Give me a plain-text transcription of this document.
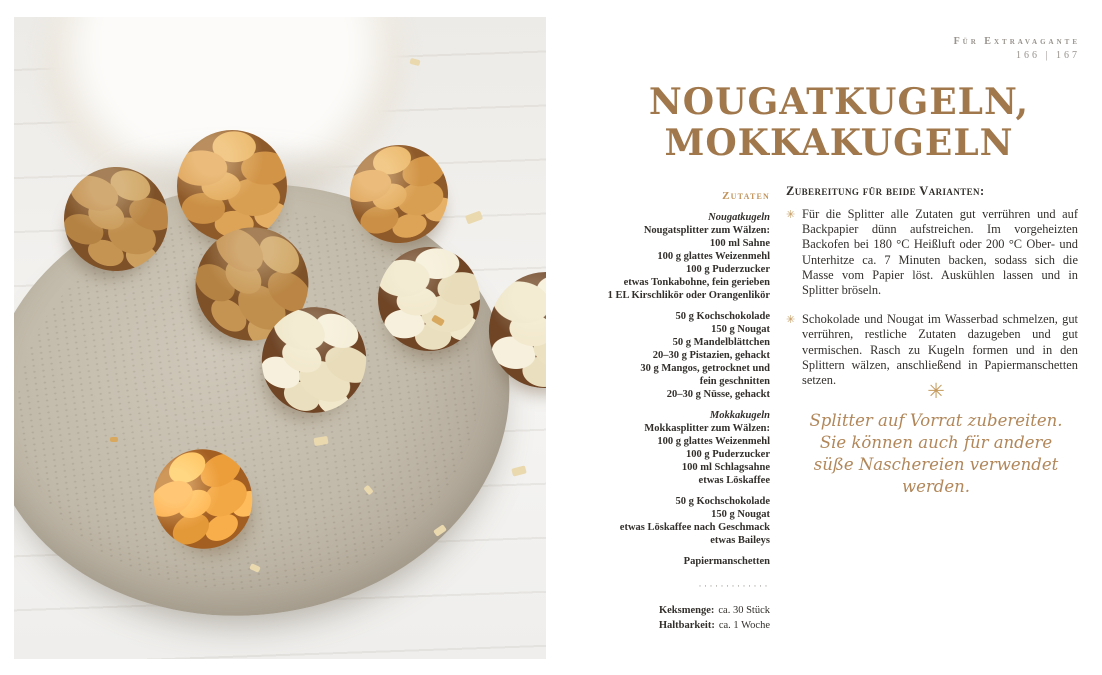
Für Extravagante
166 | 167
NOUGATKUGELN,
MOKKAKUGELN
Zutaten
Nougatkugeln
Nougatsplitter zum Wälzen:
100 ml Sahne
100 g glattes Weizenmehl
100 g Puderzucker
etwas Tonkabohne, fein gerieben
1 EL Kirschlikör oder Orangenlikör
50 g Kochschokolade
150 g Nougat
50 g Mandelblättchen
20–30 g Pistazien, gehackt
30 g Mangos, getrocknet und
fein geschnitten
20–30 g Nüsse, gehackt
Mokkakugeln
Mokkasplitter zum Wälzen:
100 g glattes Weizenmehl
100 g Puderzucker
100 ml Schlagsahne
etwas Löskaffee
50 g Kochschokolade
150 g Nougat
etwas Löskaffee nach Geschmack
etwas Baileys
Papiermanschetten
·············
Keksmenge: ca. 30 Stück
Haltbarkeit: ca. 1 Woche
Zubereitung für beide Varianten:
✳ Für die Splitter alle Zutaten gut verrühren und auf Backpapier dünn aufstreichen. Im vorgeheizten Backofen bei 180 °C Heißluft oder 200 °C Ober- und Unterhitze ca. 7 Minuten backen, sodass sich die Masse vom Papier löst. Auskühlen lassen und in Splitter bröseln.
✳ Schokolade und Nougat im Wasserbad schmelzen, gut verrühren, restliche Zutaten dazugeben und gut vermischen. Rasch zu Kugeln formen und in den Splittern wälzen, anschließend in Papiermanschetten setzen.	✳
Splitter auf Vorrat zubereiten. Sie können auch für andere süße Naschereien verwendet werden.
